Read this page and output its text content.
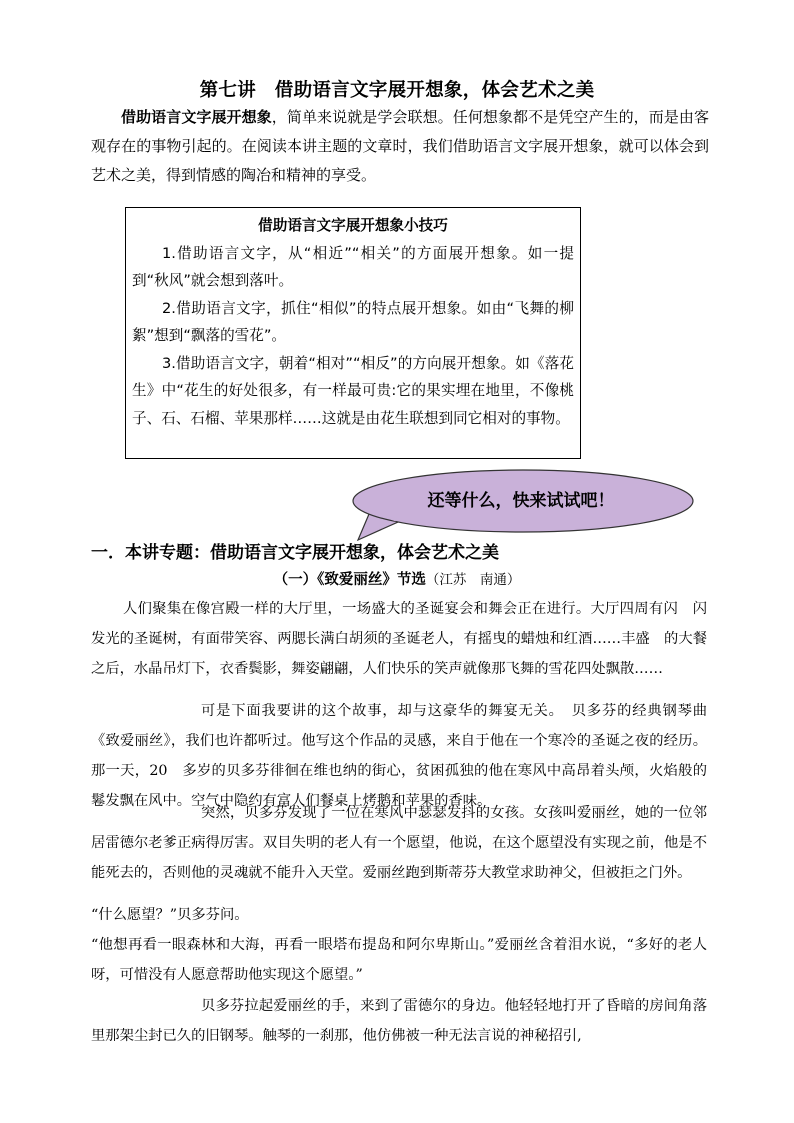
第七讲　借助语言文字展开想象，体会艺术之美
借助语言文字展开想象，简单来说就是学会联想。任何想象都不是凭空产生的，而是由客观存在的事物引起的。在阅读本讲主题的文章时，我们借助语言文字展开想象，就可以体会到艺术之美，得到情感的陶冶和精神的享受。
借助语言文字展开想象小技巧
1.借助语言文字，从“相近”“相关”的方面展开想象。如一提到“秋风”就会想到落叶。
2.借助语言文字，抓住“相似”的特点展开想象。如由“飞舞的柳絮”想到“飘落的雪花”。
3.借助语言文字，朝着“相对”“相反”的方向展开想象。如《落花生》中“花生的好处很多，有一样最可贵:它的果实埋在地里，不像桃子、石、石榴、苹果那样……这就是由花生联想到同它相对的事物。
还等什么，快来试试吧！
一．本讲专题：借助语言文字展开想象，体会艺术之美
（一）《致爱丽丝》节选（江苏　南通）
人们聚集在像宫殿一样的大厅里，一场盛大的圣诞宴会和舞会正在进行。大厅四周有闪　闪发光的圣诞树，有面带笑容、两腮长满白胡须的圣诞老人，有摇曳的蜡烛和红酒……丰盛　的大餐之后，水晶吊灯下，衣香鬓影，舞姿翩翩，人们快乐的笑声就像那飞舞的雪花四处飘散……
可是下面我要讲的这个故事，却与这豪华的舞宴无关。　贝多芬的经典钢琴曲《致爱丽丝》，我们也许都听过。他写这个作品的灵感，来自于他在一个寒冷的圣诞之夜的经历。那一天，20　多岁的贝多芬徘徊在维也纳的街心，贫困孤独的他在寒风中高昂着头颅，火焰般的鬈发飘在风中。空气中隐约有富人们餐桌上烤鹅和苹果的香味。
突然，贝多芬发现了一位在寒风中瑟瑟发抖的女孩。女孩叫爱丽丝，她的一位邻居雷德尔老爹正病得厉害。双目失明的老人有一个愿望，他说，在这个愿望没有实现之前，他是不能死去的，否则他的灵魂就不能升入天堂。爱丽丝跑到斯蒂芬大教堂求助神父，但被拒之门外。
“什么愿望？”贝多芬问。
“他想再看一眼森林和大海，再看一眼塔布提岛和阿尔卑斯山。”爱丽丝含着泪水说，“多好的老人呀，可惜没有人愿意帮助他实现这个愿望。”
贝多芬拉起爱丽丝的手，来到了雷德尔的身边。他轻轻地打开了昏暗的房间角落里那架尘封已久的旧钢琴。触琴的一刹那，他仿佛被一种无法言说的神秘招引,
